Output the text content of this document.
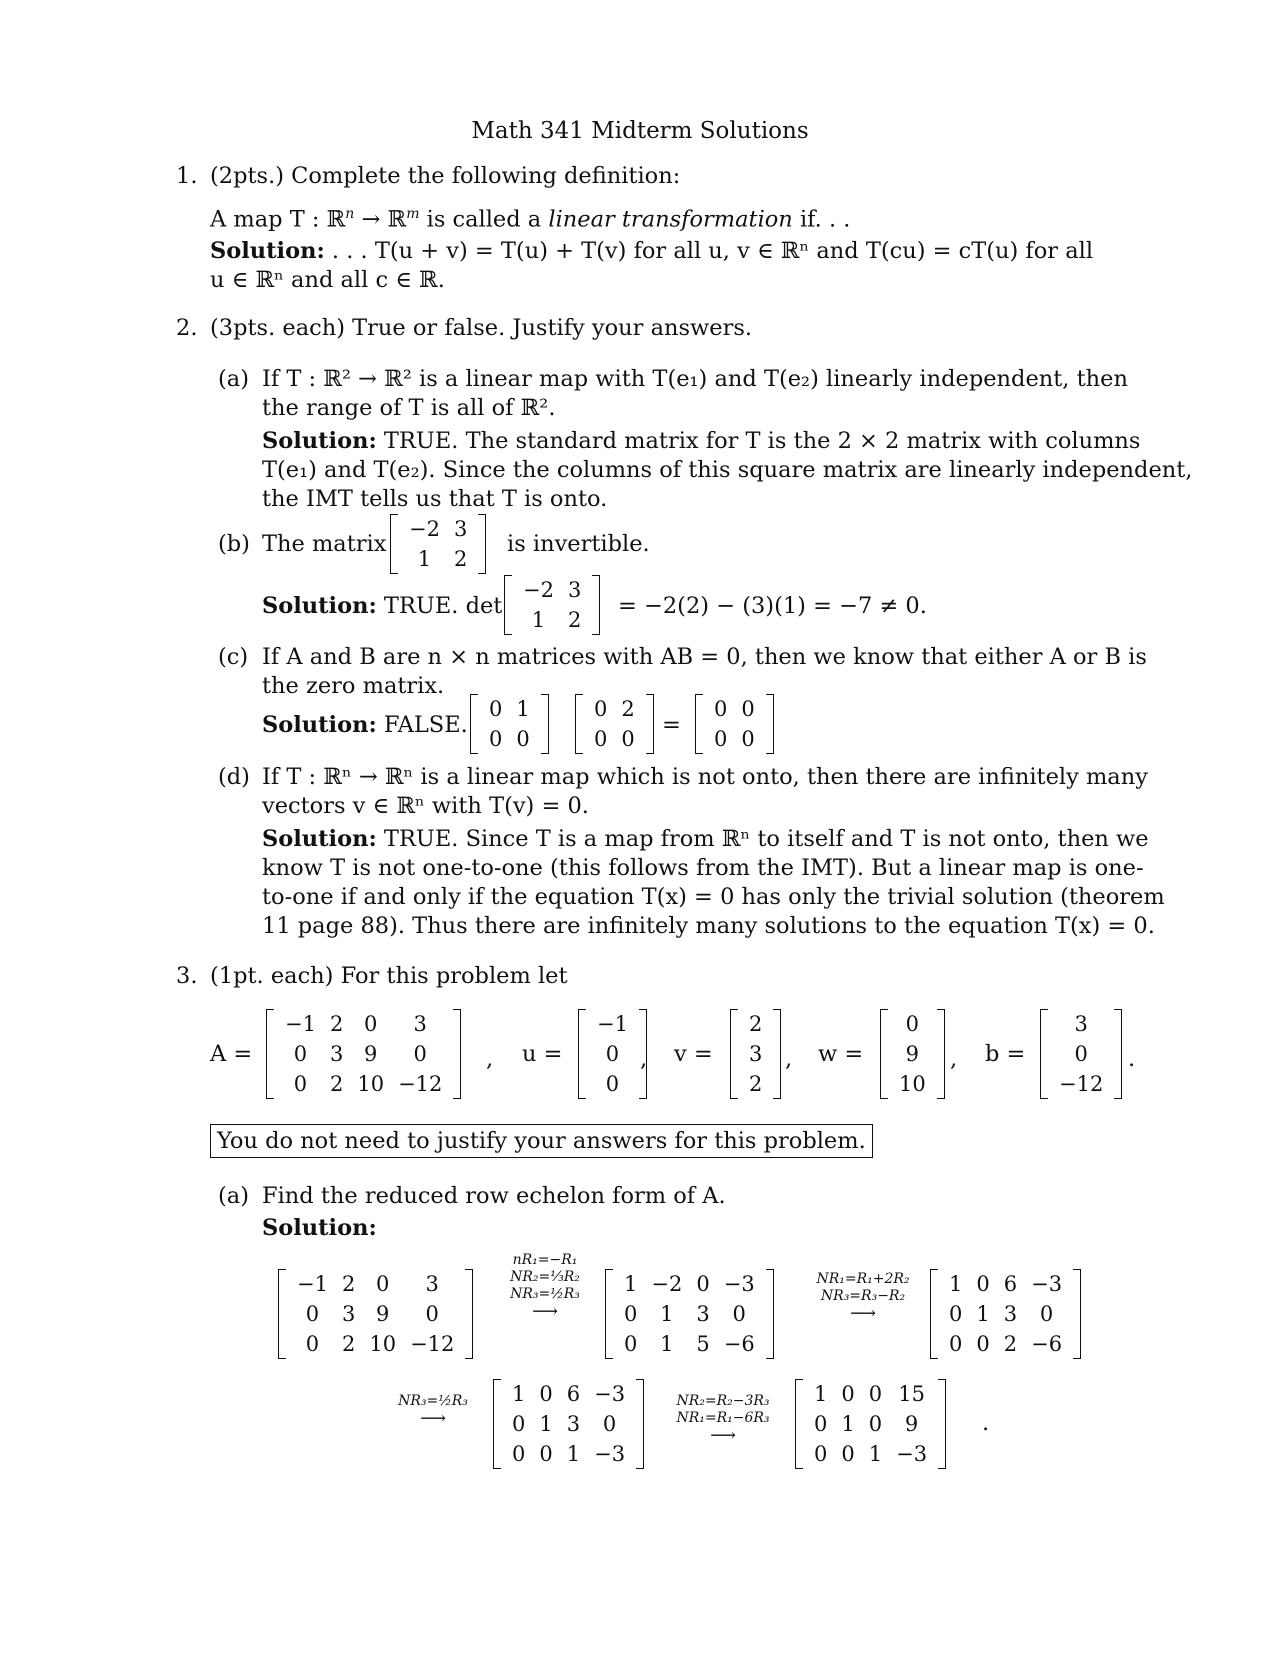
Math 341 Midterm Solutions
1. (2pts.) Complete the following definition:
A map T : ℝ$^n$ → ℝ$^m$ is called a linear transformation if. . .
Solution: . . . T(u + v) = T(u) + T(v) for all u, v ∈ ℝⁿ and T(cu) = cT(u) for all
u ∈ ℝⁿ and all c ∈ ℝ.
2. (3pts. each) True or false. Justify your answers.
(a) If T : ℝ² → ℝ² is a linear map with T(e₁) and T(e₂) linearly independent, then
the range of T is all of ℝ².
Solution: TRUE. The standard matrix for T is the 2 × 2 matrix with columns
T(e₁) and T(e₂). Since the columns of this square matrix are linearly independent,
the IMT tells us that T is onto.
(b) The matrix
−2	3
1	2
is invertible.
Solution: TRUE. det
−2	3
1	2
= −2(2) − (3)(1) = −7 ≠ 0.
(c) If A and B are n × n matrices with AB = 0, then we know that either A or B is
the zero matrix.
Solution: FALSE.
0	1
0	0
0	2
0	0
=
0	0
0	0
(d) If T : ℝⁿ → ℝⁿ is a linear map which is not onto, then there are infinitely many
vectors v ∈ ℝⁿ with T(v) = 0.
Solution: TRUE. Since T is a map from ℝⁿ to itself and T is not onto, then we
know T is not one-to-one (this follows from the IMT). But a linear map is one-
to-one if and only if the equation T(x) = 0 has only the trivial solution (theorem
11 page 88). Thus there are infinitely many solutions to the equation T(x) = 0.
3. (1pt. each) For this problem let
A =
−1	2	0	3
0	3	9	0
0	2	10	−12
, u =
−1
0
0
, v =
2
3
2
, w =
0
9
10
, b =
3
0
−12
.
You do not need to justify your answers for this problem.
(a) Find the reduced row echelon form of A.
Solution:
−1	2	0	3
0	3	9	0
0	2	10	−12
nR₁=−R₁
NR₂=⅓R₂
NR₃=½R₃
⟶
1	−2	0	−3
0	1	3	0
0	1	5	−6
NR₁=R₁+2R₂
NR₃=R₃−R₂
⟶
1	0	6	−3
0	1	3	0
0	0	2	−6
NR₃=½R₃
⟶
1	0	6	−3
0	1	3	0
0	0	1	−3
NR₂=R₂−3R₃
NR₁=R₁−6R₃
⟶
1	0	0	15
0	1	0	9
0	0	1	−3
.
